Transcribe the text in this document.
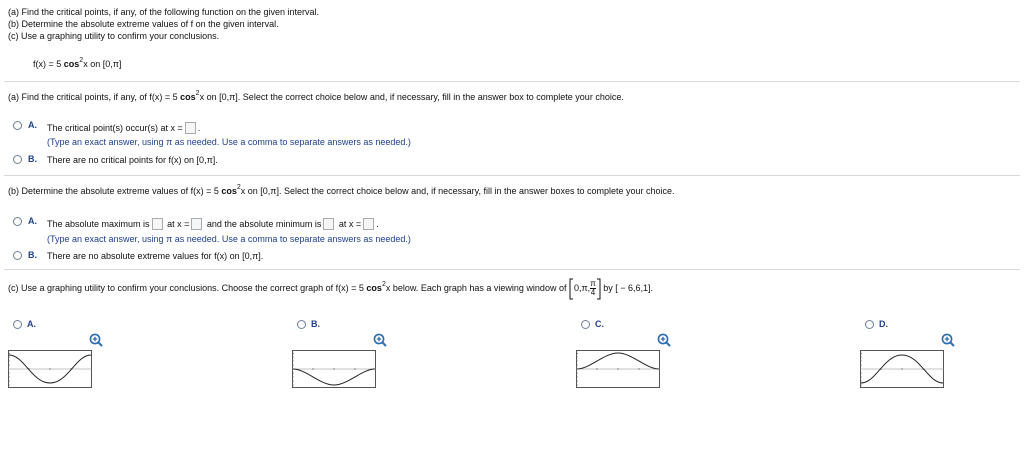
(a) Find the critical points, if any, of the following function on the given interval.
(b) Determine the absolute extreme values of f on the given interval.
(c) Use a graphing utility to confirm your conclusions.
f(x) = 5 $\cos^2x$ on [0,π]
(a) Find the critical points, if any, of f(x) = 5 $\cos^2x$ on [0,π]. Select the correct choice below and, if necessary, fill in the answer box to complete your choice.
A. The critical point(s) occur(s) at x = .
(Type an exact answer, using π as needed. Use a comma to separate answers as needed.)
B. There are no critical points for f(x) on [0,π].
(b) Determine the absolute extreme values of f(x) = 5 $\cos^2x$ on [0,π]. Select the correct choice below and, if necessary, fill in the answer boxes to complete your choice.
A. The absolute maximum is at x = and the absolute minimum is at x = .
(Type an exact answer, using π as needed. Use a comma to separate answers as needed.)
B. There are no absolute extreme values for f(x) on [0,π].
(c) Use a graphing utility to confirm your conclusions. Choose the correct graph of f(x) = 5 $\cos^2x$ below. Each graph has a viewing window of 0,π, $\frac{\pi}{4}$ by [ − 6,6,1].
A.	B.	C.	D.
